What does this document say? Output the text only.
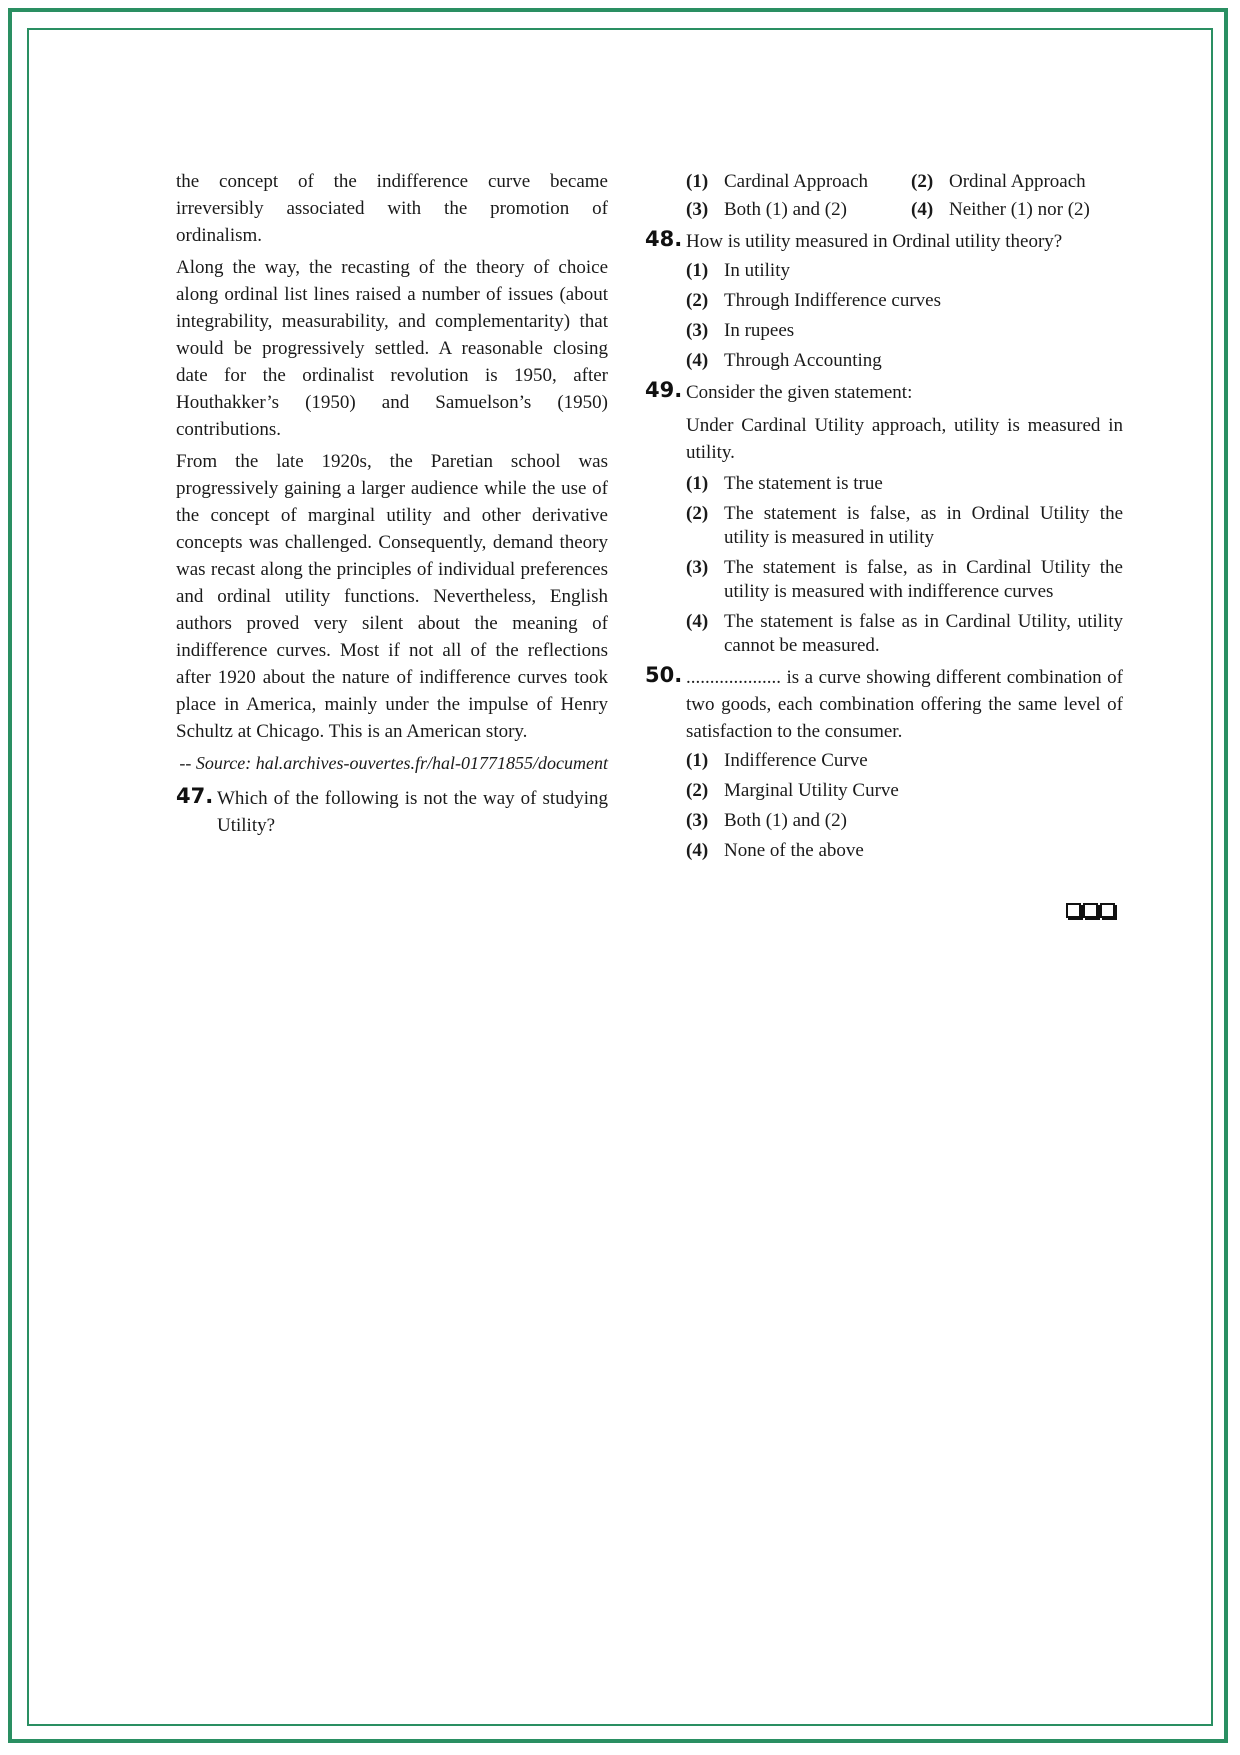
the concept of the indifference curve became irreversibly associated with the promotion of ordinalism.

Along the way, the recasting of the theory of choice along ordinal list lines raised a number of issues (about integrability, measurability, and complementarity) that would be progressively settled. A reasonable closing date for the ordinalist revolution is 1950, after Houthakker’s (1950) and Samuelson’s (1950) contributions.

From the late 1920s, the Paretian school was progressively gaining a larger audience while the use of the concept of marginal utility and other derivative concepts was challenged. Consequently, demand theory was recast along the principles of individual preferences and ordinal utility functions. Nevertheless, English authors proved very silent about the meaning of indifference curves. Most if not all of the reflections after 1920 about the nature of indifference curves took place in America, mainly under the impulse of Henry Schultz at Chicago. This is an American story.

-- Source: hal.archives-ouvertes.fr/hal-01771855/document
47. Which of the following is not the way of studying Utility?
(1) Cardinal Approach	(2) Ordinal Approach
(3) Both (1) and (2)	(4) Neither (1) nor (2)
48. How is utility measured in Ordinal utility theory?
(1) In utility
(2) Through Indifference curves
(3) In rupees
(4) Through Accounting
49. Consider the given statement:
Under Cardinal Utility approach, utility is measured in utility.
(1) The statement is true
(2) The statement is false, as in Ordinal Utility the utility is measured in utility
(3) The statement is false, as in Cardinal Utility the utility is measured with indifference curves
(4) The statement is false as in Cardinal Utility, utility cannot be measured.
50. .................... is a curve showing different combination of two goods, each combination offering the same level of satisfaction to the consumer.
(1) Indifference Curve
(2) Marginal Utility Curve
(3) Both (1) and (2)
(4) None of the above
